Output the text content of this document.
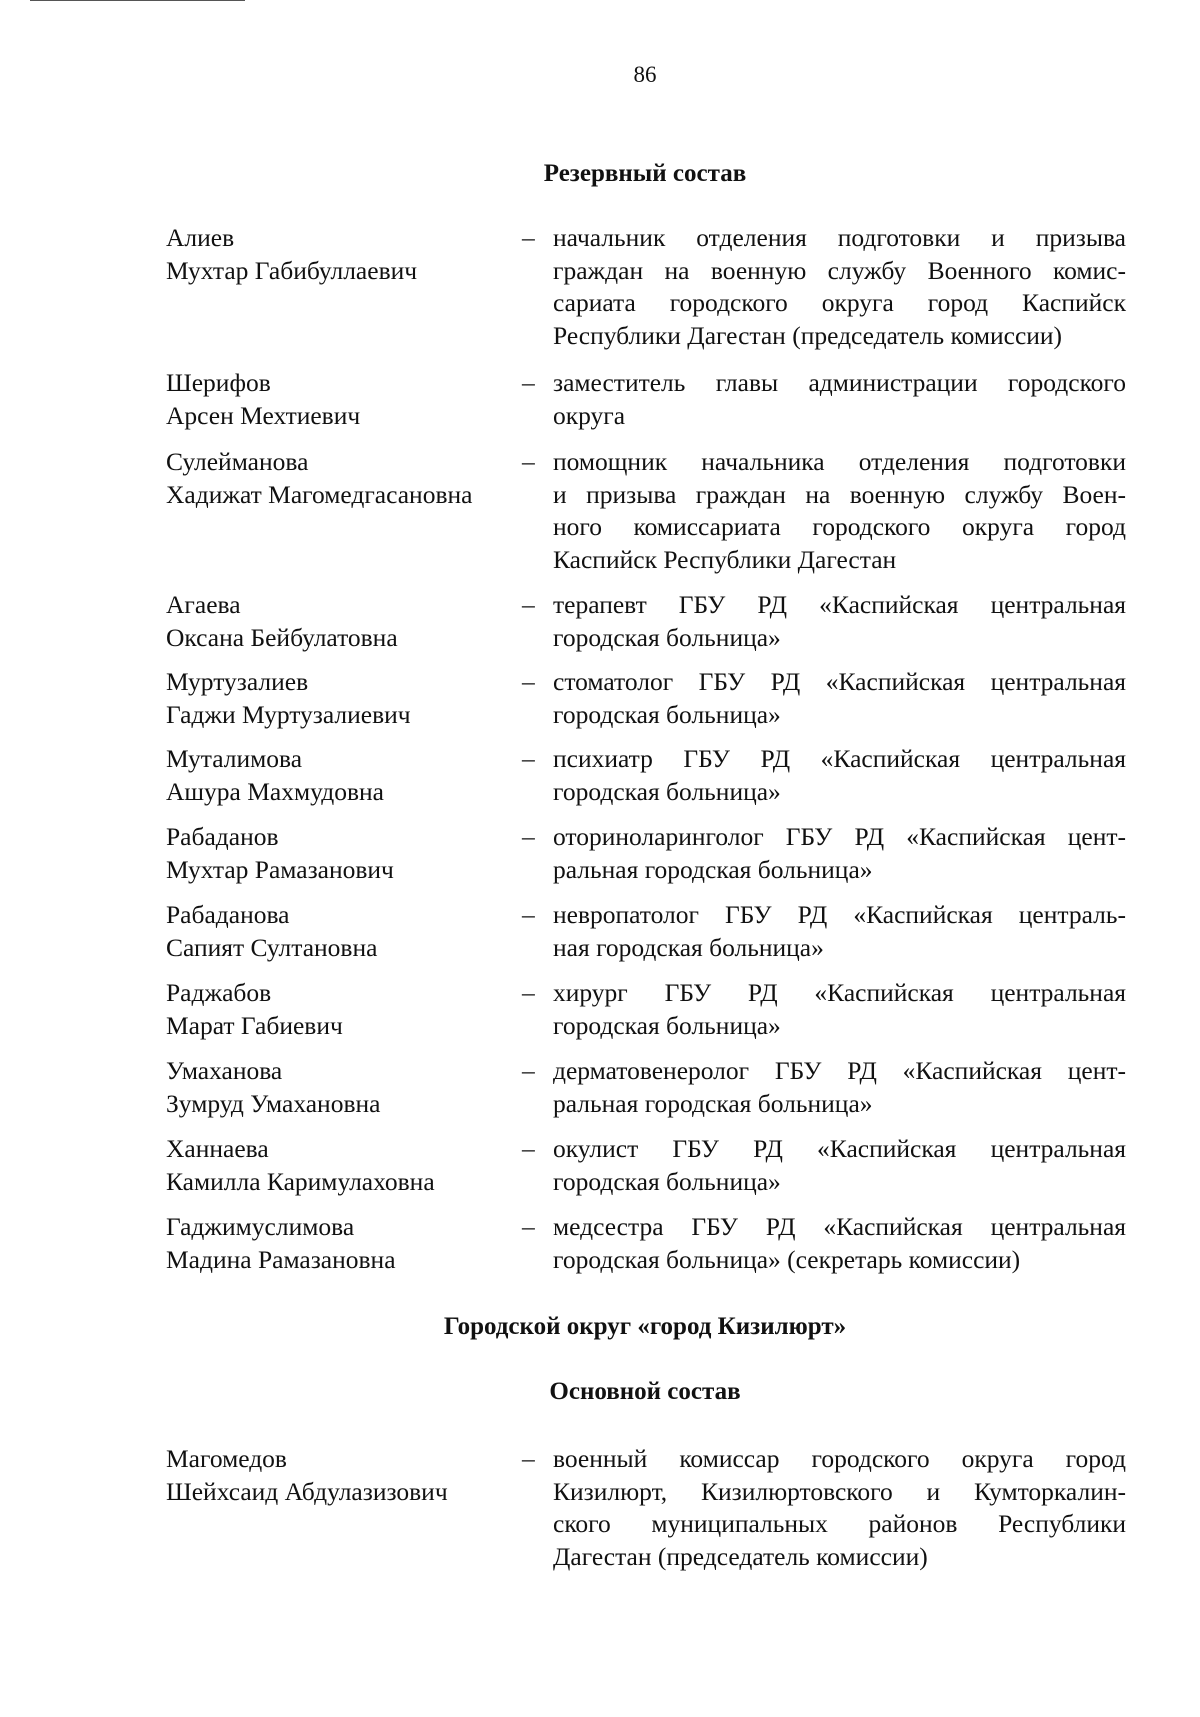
86
Резервный состав
Алиев
Мухтар Габибуллаевич
– начальник отделения подготовки и призыва
граждан на военную службу Военного комис-
сариата городского округа город Каспийск
Республики Дагестан (председатель комиссии)
Шерифов
Арсен Мехтиевич
– заместитель главы администрации городского
округа
Сулейманова
Хадижат Магомедгасановна
– помощник начальника отделения подготовки
и призыва граждан на военную службу Воен-
ного комиссариата городского округа город
Каспийск Республики Дагестан
Агаева
Оксана Бейбулатовна
– терапевт ГБУ РД «Каспийская центральная
городская больница»
Муртузалиев
Гаджи Муртузалиевич
– стоматолог ГБУ РД «Каспийская центральная
городская больница»
Муталимова
Ашура Махмудовна
– психиатр ГБУ РД «Каспийская центральная
городская больница»
Рабаданов
Мухтар Рамазанович
– оториноларинголог ГБУ РД «Каспийская цент-
ральная городская больница»
Рабаданова
Сапият Султановна
– невропатолог ГБУ РД «Каспийская централь-
ная городская больница»
Раджабов
Марат Габиевич
– хирург ГБУ РД «Каспийская центральная
городская больница»
Умаханова
Зумруд Умахановна
– дерматовенеролог ГБУ РД «Каспийская цент-
ральная городская больница»
Ханнаева
Камилла Каримулаховна
– окулист ГБУ РД «Каспийская центральная
городская больница»
Гаджимуслимова
Мадина Рамазановна
– медсестра ГБУ РД «Каспийская центральная
городская больница» (секретарь комиссии)
Городской округ «город Кизилюрт»
Основной состав
Магомедов
Шейхсаид Абдулазизович
– военный комиссар городского округа город
Кизилюрт, Кизилюртовского и Кумторкалин-
ского муниципальных районов Республики
Дагестан (председатель комиссии)
